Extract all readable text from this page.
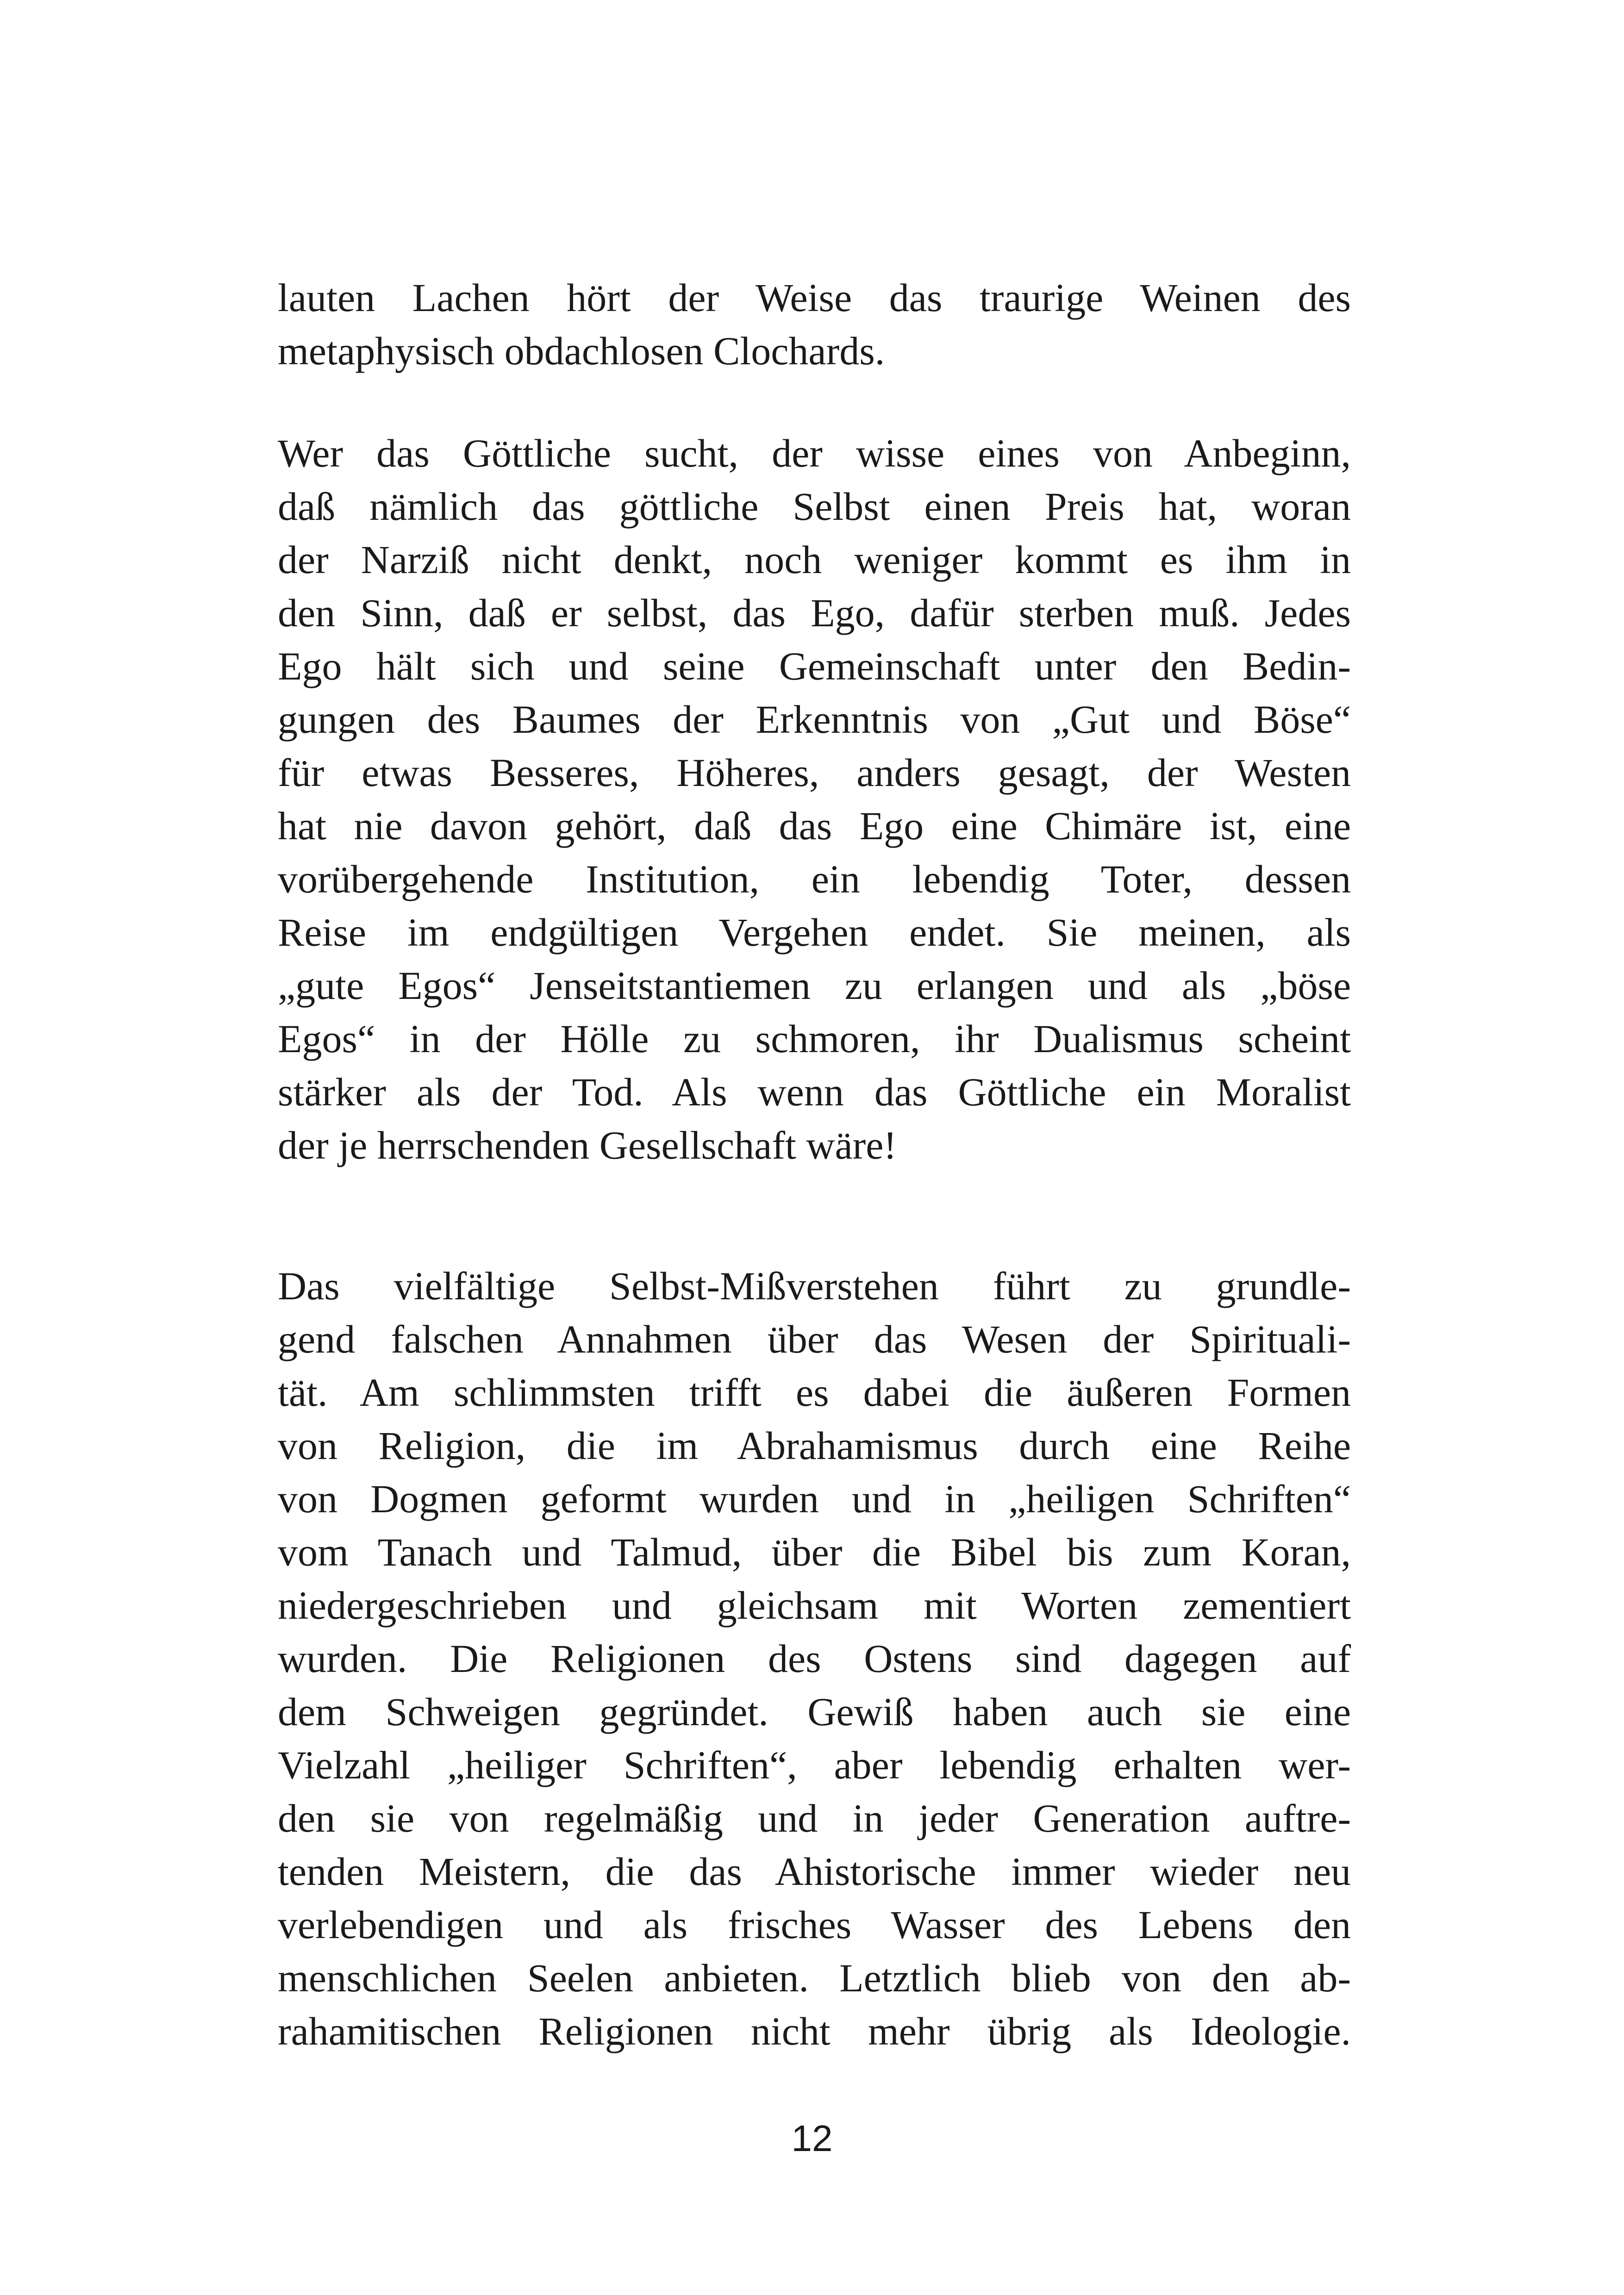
lauten Lachen hört der Weise das traurige Weinen des
metaphysisch obdachlosen Clochards.
Wer das Göttliche sucht, der wisse eines von Anbeginn,
daß nämlich das göttliche Selbst einen Preis hat, woran
der Narziß nicht denkt, noch weniger kommt es ihm in
den Sinn, daß er selbst, das Ego, dafür sterben muß. Jedes
Ego hält sich und seine Gemeinschaft unter den Bedin-
gungen des Baumes der Erkenntnis von „Gut und Böse“
für etwas Besseres, Höheres, anders gesagt, der Westen
hat nie davon gehört, daß das Ego eine Chimäre ist, eine
vorübergehende Institution, ein lebendig Toter, dessen
Reise im endgültigen Vergehen endet. Sie meinen, als
„gute Egos“ Jenseitstantiemen zu erlangen und als „böse
Egos“ in der Hölle zu schmoren, ihr Dualismus scheint
stärker als der Tod. Als wenn das Göttliche ein Moralist
der je herrschenden Gesellschaft wäre!
Das vielfältige Selbst-Mißverstehen führt zu grundle-
gend falschen Annahmen über das Wesen der Spirituali-
tät. Am schlimmsten trifft es dabei die äußeren Formen
von Religion, die im Abrahamismus durch eine Reihe
von Dogmen geformt wurden und in „heiligen Schriften“
vom Tanach und Talmud, über die Bibel bis zum Koran,
niedergeschrieben und gleichsam mit Worten zementiert
wurden. Die Religionen des Ostens sind dagegen auf
dem Schweigen gegründet. Gewiß haben auch sie eine
Vielzahl „heiliger Schriften“, aber lebendig erhalten wer-
den sie von regelmäßig und in jeder Generation auftre-
tenden Meistern, die das Ahistorische immer wieder neu
verlebendigen und als frisches Wasser des Lebens den
menschlichen Seelen anbieten. Letztlich blieb von den ab-
rahamitischen Religionen nicht mehr übrig als Ideologie.
12
